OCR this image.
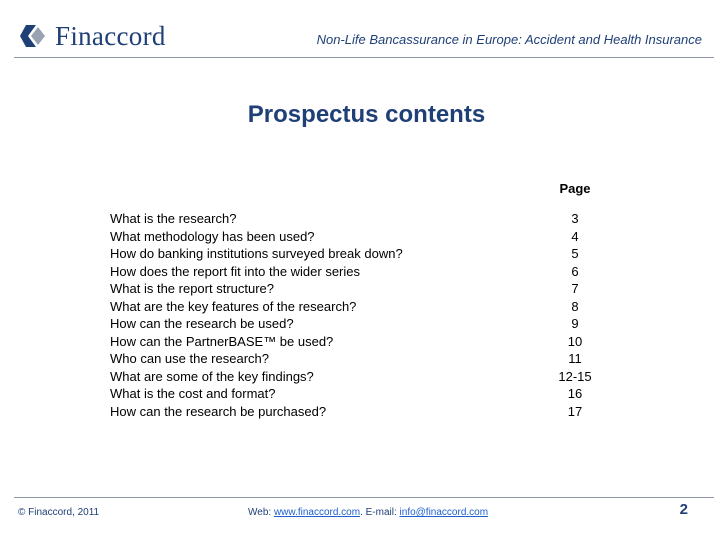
Finaccord	Non-Life Bancassurance in Europe: Accident and Health Insurance
Prospectus contents
Page
What is the research?	3
What methodology has been used?	4
How do banking institutions surveyed break down?	5
How does the report fit into the wider series	6
What is the report structure?	7
What are the key features of the research?	8
How can the research be used?	9
How can the PartnerBASE™ be used?	10
Who can use the research?	11
What are some of the key findings?	12-15
What is the cost and format?	16
How can the research be purchased?	17
© Finaccord, 2011	Web: www.finaccord.com. E-mail: info@finaccord.com	2
